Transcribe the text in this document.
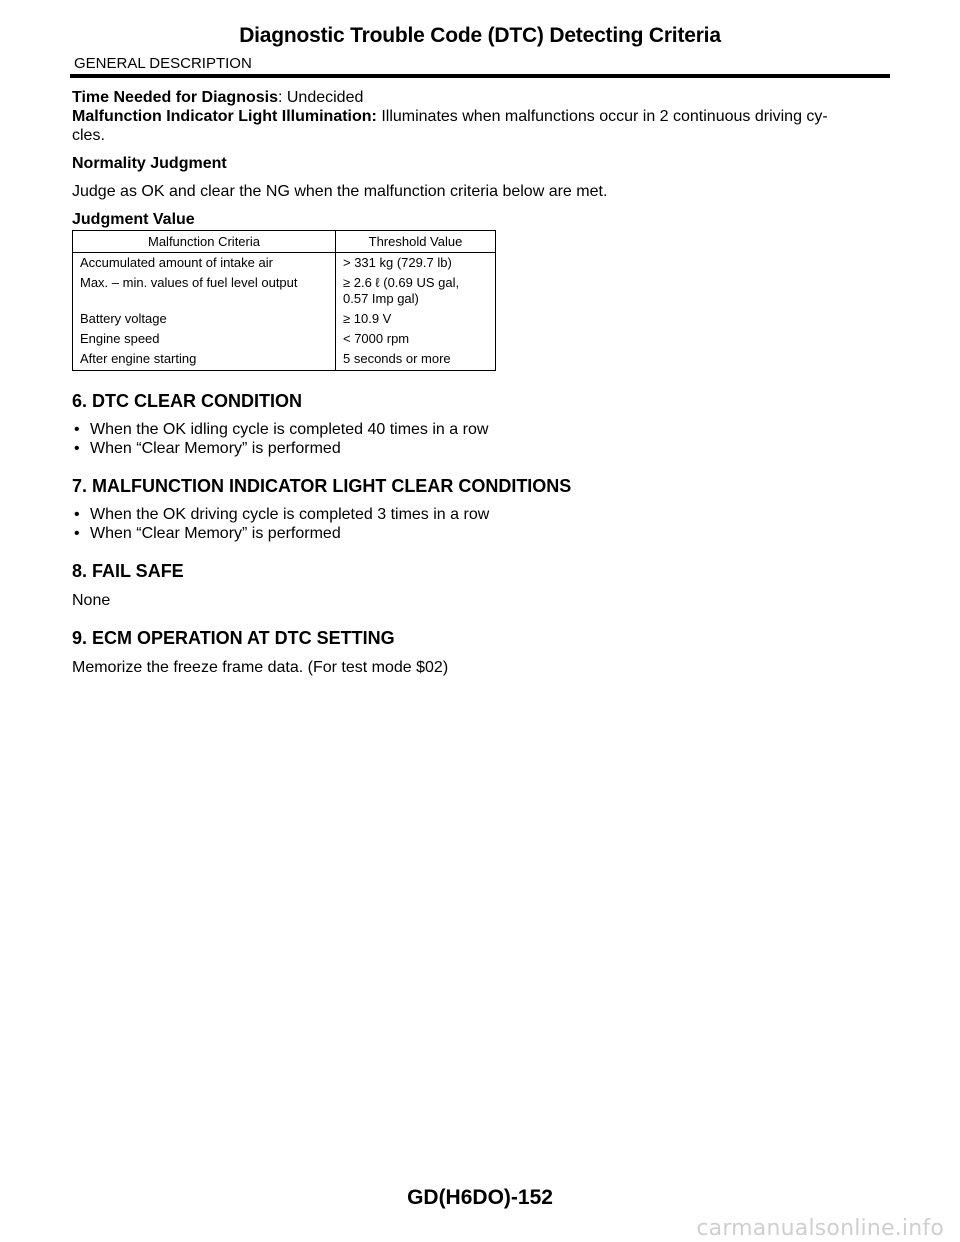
Diagnostic Trouble Code (DTC) Detecting Criteria
GENERAL DESCRIPTION
Time Needed for Diagnosis: Undecided
Malfunction Indicator Light Illumination: Illuminates when malfunctions occur in 2 continuous driving cy-
cles.
Normality Judgment
Judge as OK and clear the NG when the malfunction criteria below are met.
Judgment Value
Malfunction Criteria	Threshold Value
Accumulated amount of intake air	> 331 kg (729.7 lb)
Max. – min. values of fuel level output	≥ 2.6 ℓ (0.69 US gal,
0.57 Imp gal)

Battery voltage	≥ 10.9 V
Engine speed	< 7000 rpm
After engine starting	5 seconds or more
6. DTC CLEAR CONDITION
• When the OK idling cycle is completed 40 times in a row
• When “Clear Memory” is performed
7. MALFUNCTION INDICATOR LIGHT CLEAR CONDITIONS
• When the OK driving cycle is completed 3 times in a row
• When “Clear Memory” is performed
8. FAIL SAFE
None
9. ECM OPERATION AT DTC SETTING
Memorize the freeze frame data. (For test mode $02)
GD(H6DO)-152
carmanualsonline.info
